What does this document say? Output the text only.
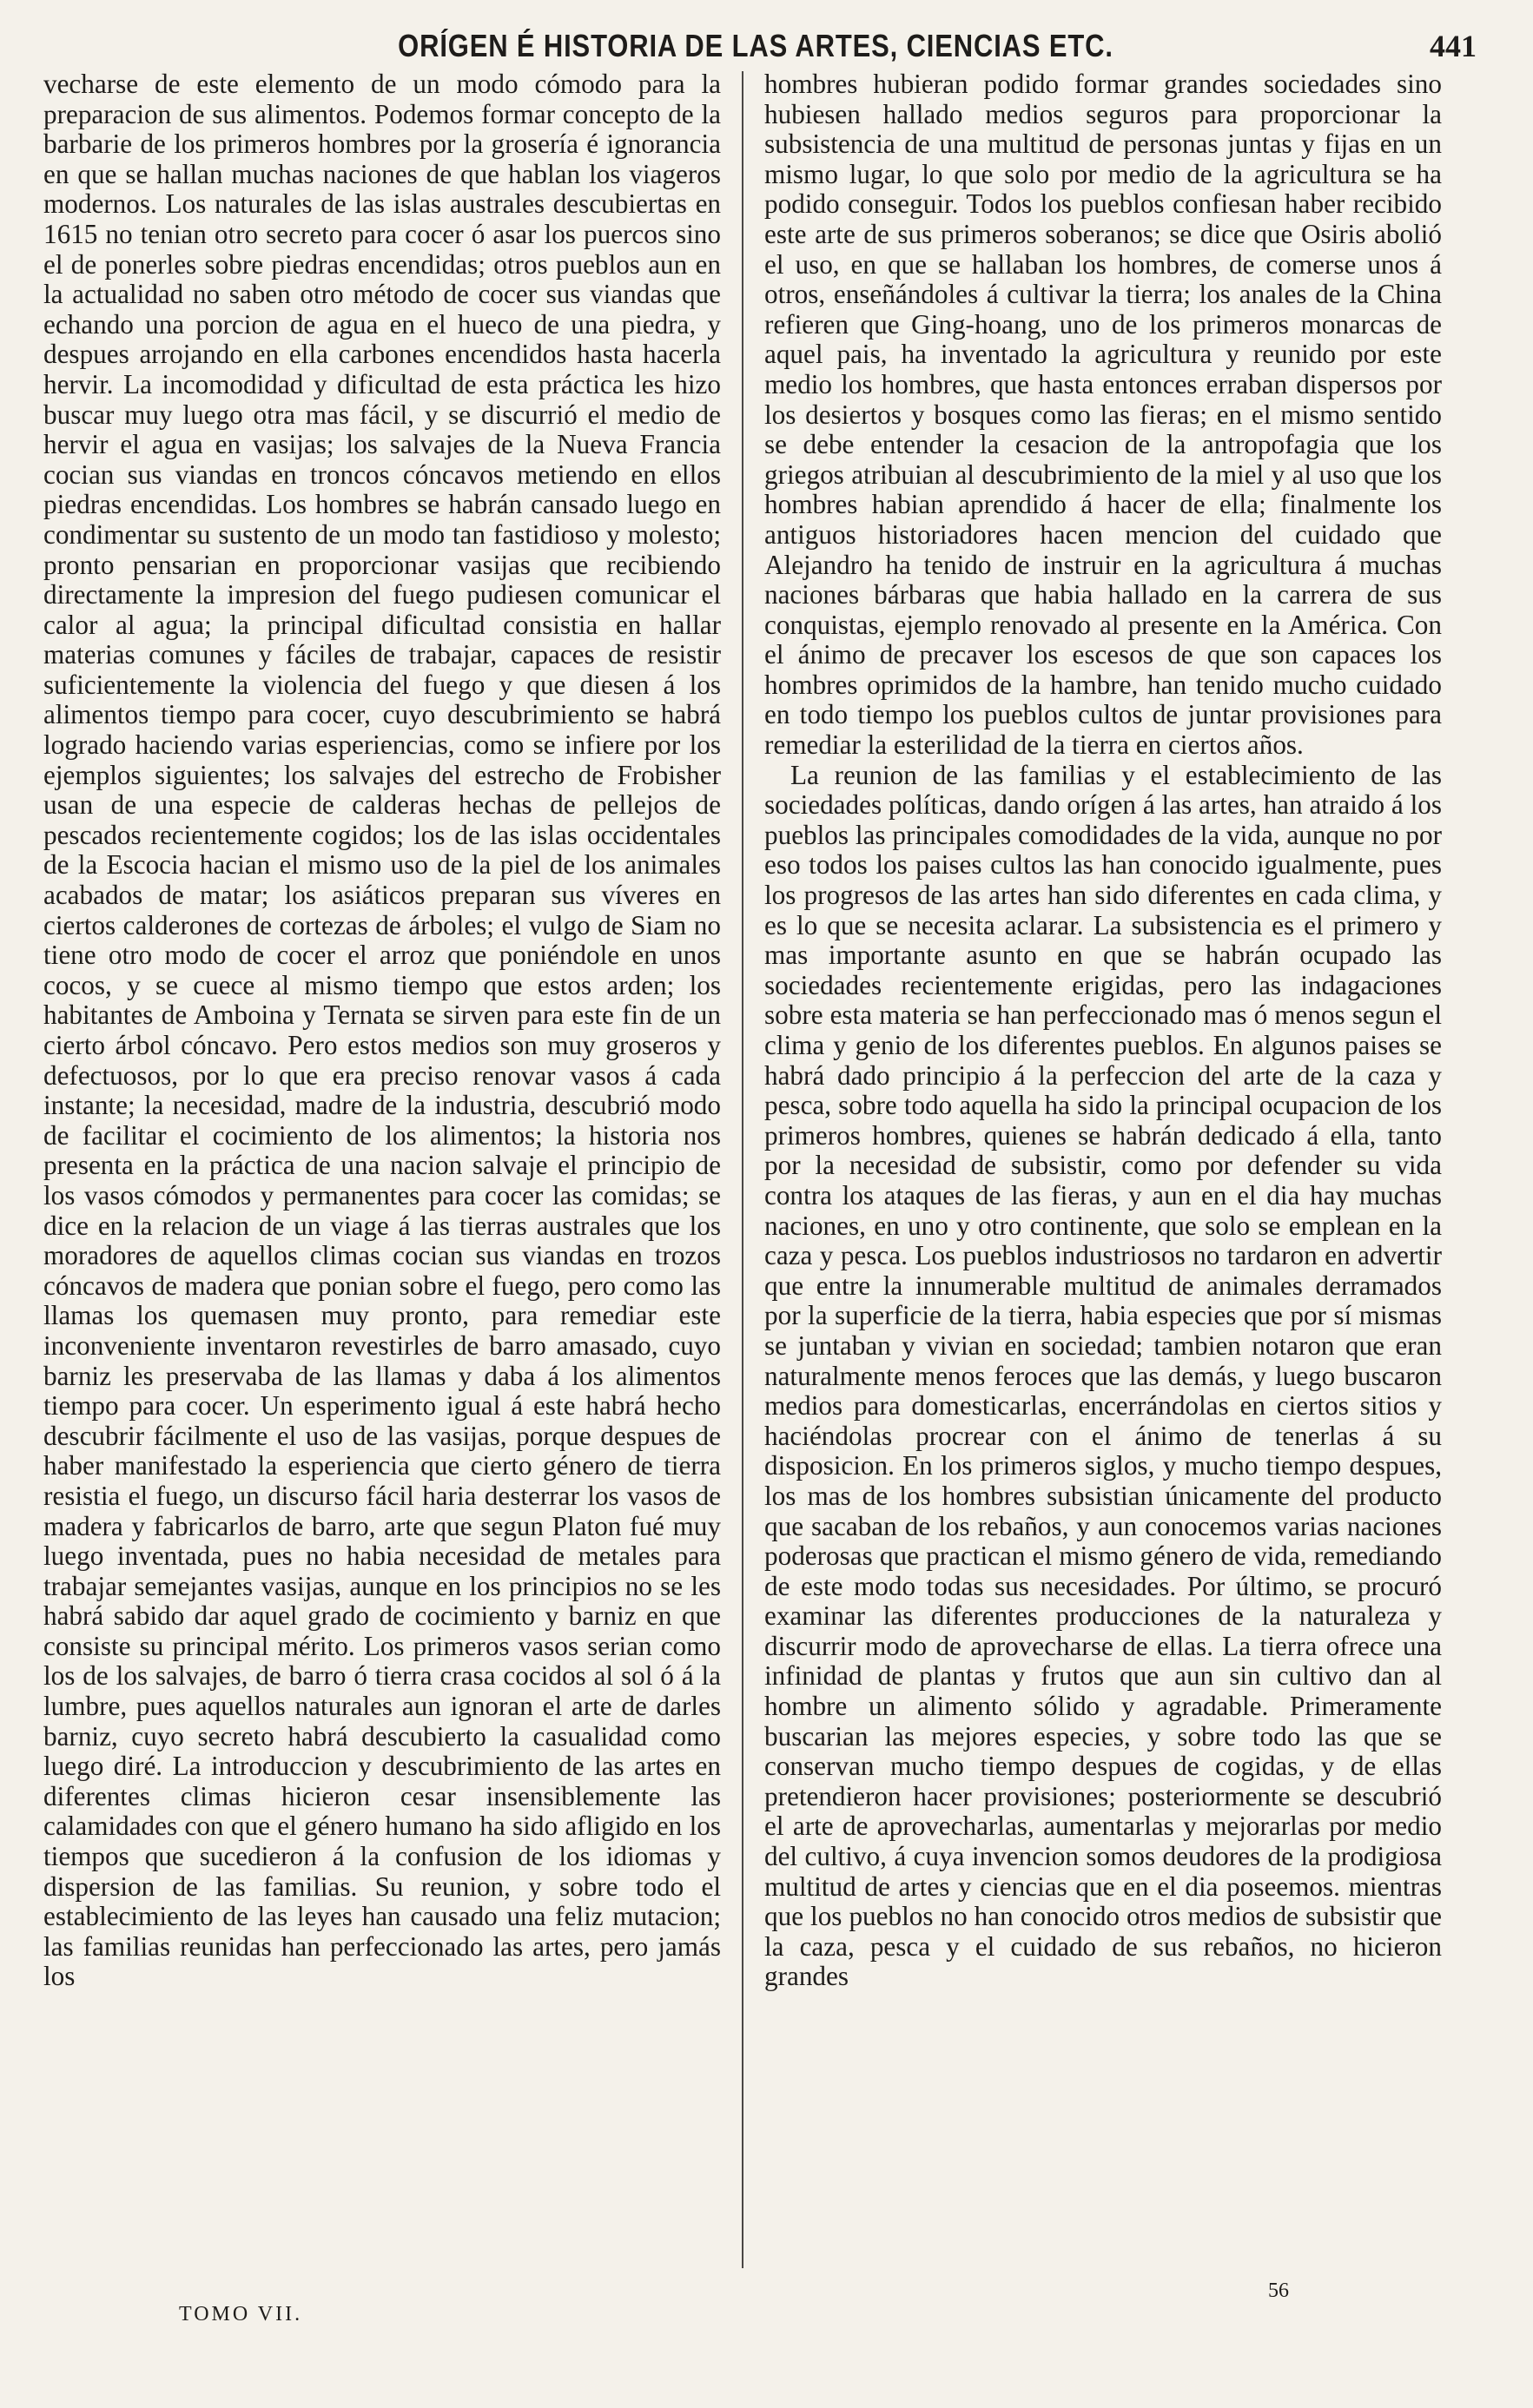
ORÍGEN É HISTORIA DE LAS ARTES, CIENCIAS ETC.	441

vecharse de este elemento de un modo cómodo para la preparacion de sus alimentos. Podemos formar concepto de la barbarie de los primeros hombres por la grosería é ignorancia en que se hallan muchas naciones de que hablan los viageros modernos. Los naturales de las islas australes descubiertas en 1615 no tenian otro secreto para cocer ó asar los puercos sino el de ponerles sobre piedras encendidas; otros pueblos aun en la actualidad no saben otro método de cocer sus viandas que echando una porcion de agua en el hueco de una piedra, y despues arrojando en ella carbones encendidos hasta hacerla hervir. La incomodidad y dificultad de esta práctica les hizo buscar muy luego otra mas fácil, y se discurrió el medio de hervir el agua en vasijas; los salvajes de la Nueva Francia cocian sus viandas en troncos cóncavos metiendo en ellos piedras encendidas. Los hombres se habrán cansado luego en condimentar su sustento de un modo tan fastidioso y molesto; pronto pensarian en proporcionar vasijas que recibiendo directamente la impresion del fuego pudiesen comunicar el calor al agua; la principal dificultad consistia en hallar materias comunes y fáciles de trabajar, capaces de resistir suficientemente la violencia del fuego y que diesen á los alimentos tiempo para cocer, cuyo descubrimiento se habrá logrado haciendo varias esperiencias, como se infiere por los ejemplos siguientes; los salvajes del estrecho de Frobisher usan de una especie de calderas hechas de pellejos de pescados recientemente cogidos; los de las islas occidentales de la Escocia hacian el mismo uso de la piel de los animales acabados de matar; los asiáticos preparan sus víveres en ciertos calderones de cortezas de árboles; el vulgo de Siam no tiene otro modo de cocer el arroz que poniéndole en unos cocos, y se cuece al mismo tiempo que estos arden; los habitantes de Amboina y Ternata se sirven para este fin de un cierto árbol cóncavo. Pero estos medios son muy groseros y defectuosos, por lo que era preciso renovar vasos á cada instante; la necesidad, madre de la industria, descubrió modo de facilitar el cocimiento de los alimentos; la historia nos presenta en la práctica de una nacion salvaje el principio de los vasos cómodos y permanentes para cocer las comidas; se dice en la relacion de un viage á las tierras australes que los moradores de aquellos climas cocian sus viandas en trozos cóncavos de madera que ponian sobre el fuego, pero como las llamas los quemasen muy pronto, para remediar este inconveniente inventaron revestirles de barro amasado, cuyo barniz les preservaba de las llamas y daba á los alimentos tiempo para cocer. Un esperimento igual á este habrá hecho descubrir fácilmente el uso de las vasijas, porque despues de haber manifestado la esperiencia que cierto género de tierra resistia el fuego, un discurso fácil haria desterrar los vasos de madera y fabricarlos de barro, arte que segun Platon fué muy luego inventada, pues no habia necesidad de metales para trabajar semejantes vasijas, aunque en los principios no se les habrá sabido dar aquel grado de cocimiento y barniz en que consiste su principal mérito. Los primeros vasos serian como los de los salvajes, de barro ó tierra crasa cocidos al sol ó á la lumbre, pues aquellos naturales aun ignoran el arte de darles barniz, cuyo secreto habrá descubierto la casualidad como luego diré. La introduccion y descubrimiento de las artes en diferentes climas hicieron cesar insensiblemente las calamidades con que el género humano ha sido afligido en los tiempos que sucedieron á la confusion de los idiomas y dispersion de las familias. Su reunion, y sobre todo el establecimiento de las leyes han causado una feliz mutacion; las familias reunidas han perfeccionado las artes, pero jamás los

hombres hubieran podido formar grandes sociedades sino hubiesen hallado medios seguros para proporcionar la subsistencia de una multitud de personas juntas y fijas en un mismo lugar, lo que solo por medio de la agricultura se ha podido conseguir. Todos los pueblos confiesan haber recibido este arte de sus primeros soberanos; se dice que Osiris abolió el uso, en que se hallaban los hombres, de comerse unos á otros, enseñándoles á cultivar la tierra; los anales de la China refieren que Ging-hoang, uno de los primeros monarcas de aquel pais, ha inventado la agricultura y reunido por este medio los hombres, que hasta entonces erraban dispersos por los desiertos y bosques como las fieras; en el mismo sentido se debe entender la cesacion de la antropofagia que los griegos atribuian al descubrimiento de la miel y al uso que los hombres habian aprendido á hacer de ella; finalmente los antiguos historiadores hacen mencion del cuidado que Alejandro ha tenido de instruir en la agricultura á muchas naciones bárbaras que habia hallado en la carrera de sus conquistas, ejemplo renovado al presente en la América. Con el ánimo de precaver los escesos de que son capaces los hombres oprimidos de la hambre, han tenido mucho cuidado en todo tiempo los pueblos cultos de juntar provisiones para remediar la esterilidad de la tierra en ciertos años.

La reunion de las familias y el establecimiento de las sociedades políticas, dando orígen á las artes, han atraido á los pueblos las principales comodidades de la vida, aunque no por eso todos los paises cultos las han conocido igualmente, pues los progresos de las artes han sido diferentes en cada clima, y es lo que se necesita aclarar. La subsistencia es el primero y mas importante asunto en que se habrán ocupado las sociedades recientemente erigidas, pero las indagaciones sobre esta materia se han perfeccionado mas ó menos segun el clima y genio de los diferentes pueblos. En algunos paises se habrá dado principio á la perfeccion del arte de la caza y pesca, sobre todo aquella ha sido la principal ocupacion de los primeros hombres, quienes se habrán dedicado á ella, tanto por la necesidad de subsistir, como por defender su vida contra los ataques de las fieras, y aun en el dia hay muchas naciones, en uno y otro continente, que solo se emplean en la caza y pesca. Los pueblos industriosos no tardaron en advertir que entre la innumerable multitud de animales derramados por la superficie de la tierra, habia especies que por sí mismas se juntaban y vivian en sociedad; tambien notaron que eran naturalmente menos feroces que las demás, y luego buscaron medios para domesticarlas, encerrándolas en ciertos sitios y haciéndolas procrear con el ánimo de tenerlas á su disposicion. En los primeros siglos, y mucho tiempo despues, los mas de los hombres subsistian únicamente del producto que sacaban de los rebaños, y aun conocemos varias naciones poderosas que practican el mismo género de vida, remediando de este modo todas sus necesidades. Por último, se procuró examinar las diferentes producciones de la naturaleza y discurrir modo de aprovecharse de ellas. La tierra ofrece una infinidad de plantas y frutos que aun sin cultivo dan al hombre un alimento sólido y agradable. Primeramente buscarian las mejores especies, y sobre todo las que se conservan mucho tiempo despues de cogidas, y de ellas pretendieron hacer provisiones; posteriormente se descubrió el arte de aprovecharlas, aumentarlas y mejorarlas por medio del cultivo, á cuya invencion somos deudores de la prodigiosa multitud de artes y ciencias que en el dia poseemos. mientras que los pueblos no han conocido otros medios de subsistir que la caza, pesca y el cuidado de sus rebaños, no hicieron grandes

TOMO VII.
56
